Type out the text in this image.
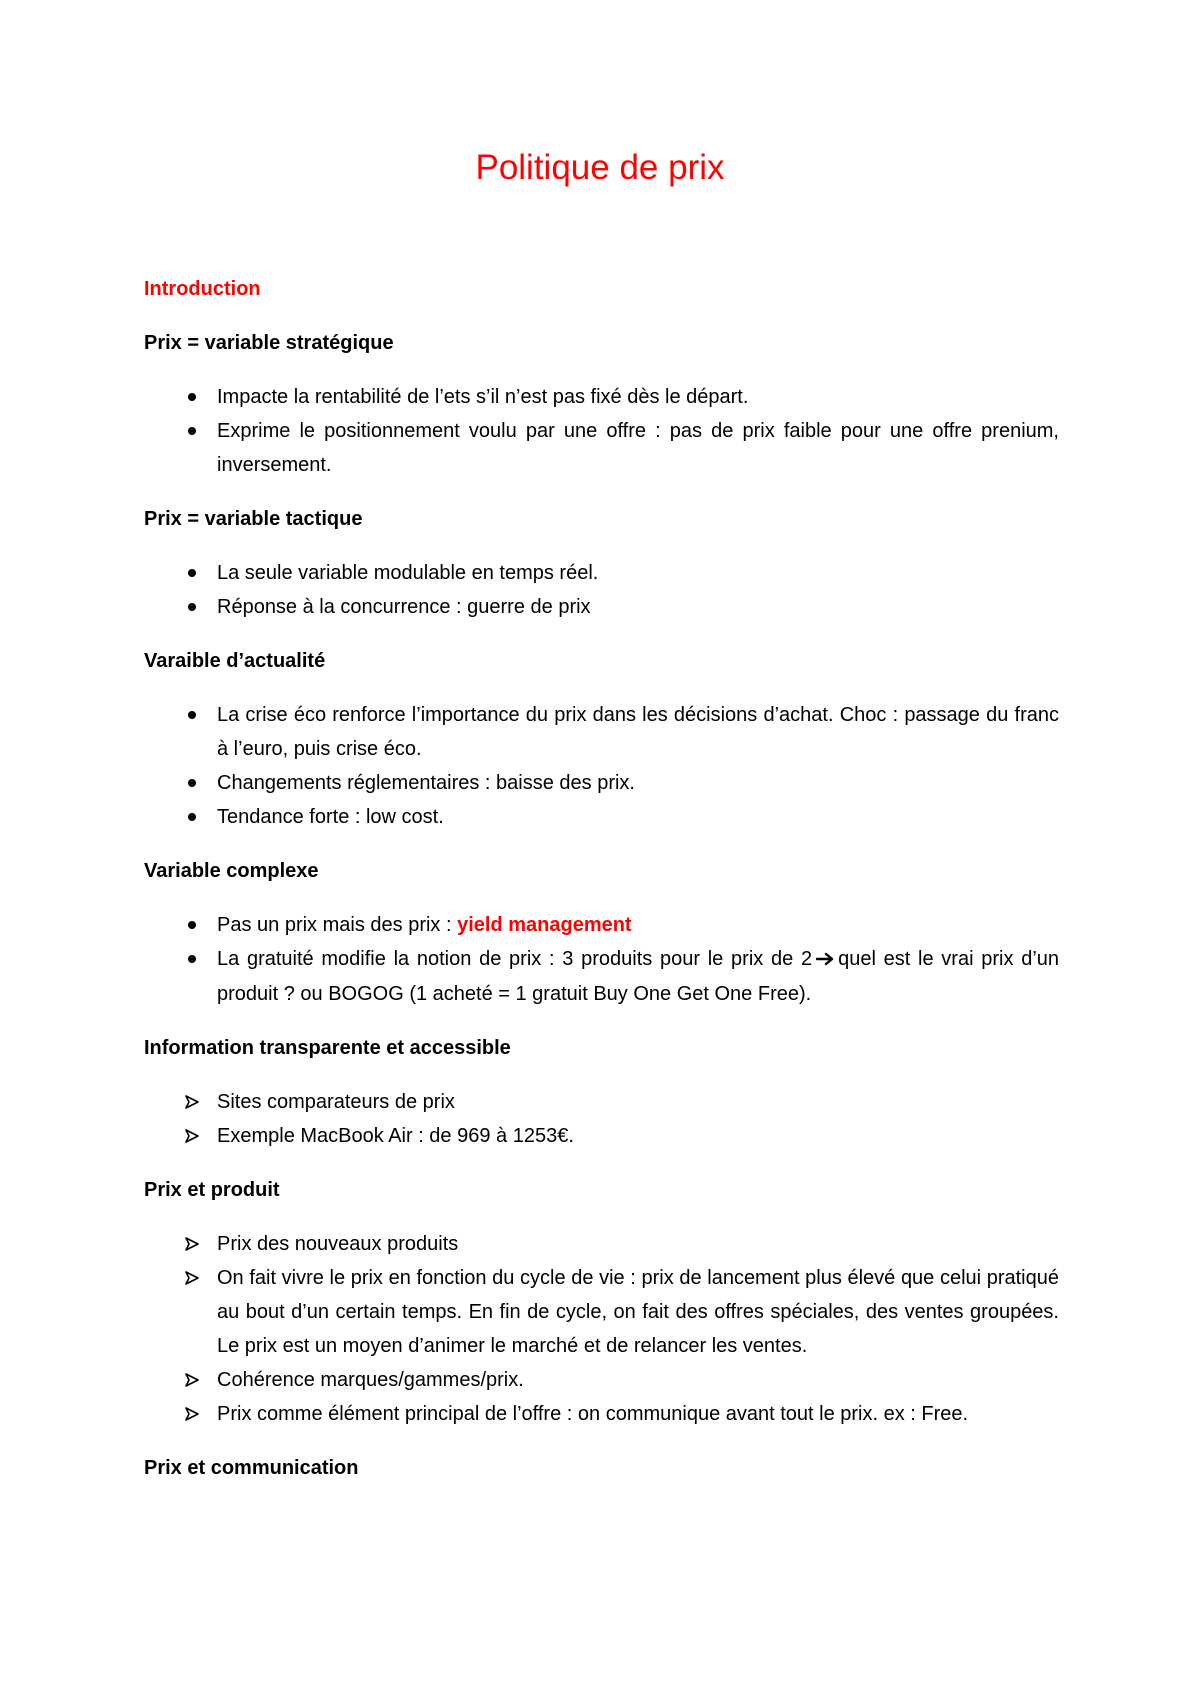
Politique de prix
Introduction
Prix = variable stratégique
Impacte la rentabilité de l’ets s’il n’est pas fixé dès le départ.
Exprime le positionnement voulu par une offre : pas de prix faible pour une offre prenium, inversement.
Prix = variable tactique
La seule variable modulable en temps réel.
Réponse à la concurrence : guerre de prix
Varaible d’actualité
La crise éco renforce l’importance du prix dans les décisions d’achat. Choc : passage du franc à l’euro, puis crise éco.
Changements réglementaires : baisse des prix.
Tendance forte : low cost.
Variable complexe
Pas un prix mais des prix : yield management
La gratuité modifie la notion de prix : 3 produits pour le prix de 2 quel est le vrai prix d’un produit ? ou BOGOG (1 acheté = 1 gratuit Buy One Get One Free).
Information transparente et accessible
Sites comparateurs de prix
Exemple MacBook Air : de 969 à 1253€.
Prix et produit
Prix des nouveaux produits
On fait vivre le prix en fonction du cycle de vie : prix de lancement plus élevé que celui pratiqué au bout d’un certain temps. En fin de cycle, on fait des offres spéciales, des ventes groupées. Le prix est un moyen d’animer le marché et de relancer les ventes.
Cohérence marques/gammes/prix.
Prix comme élément principal de l’offre : on communique avant tout le prix. ex : Free.
Prix et communication
